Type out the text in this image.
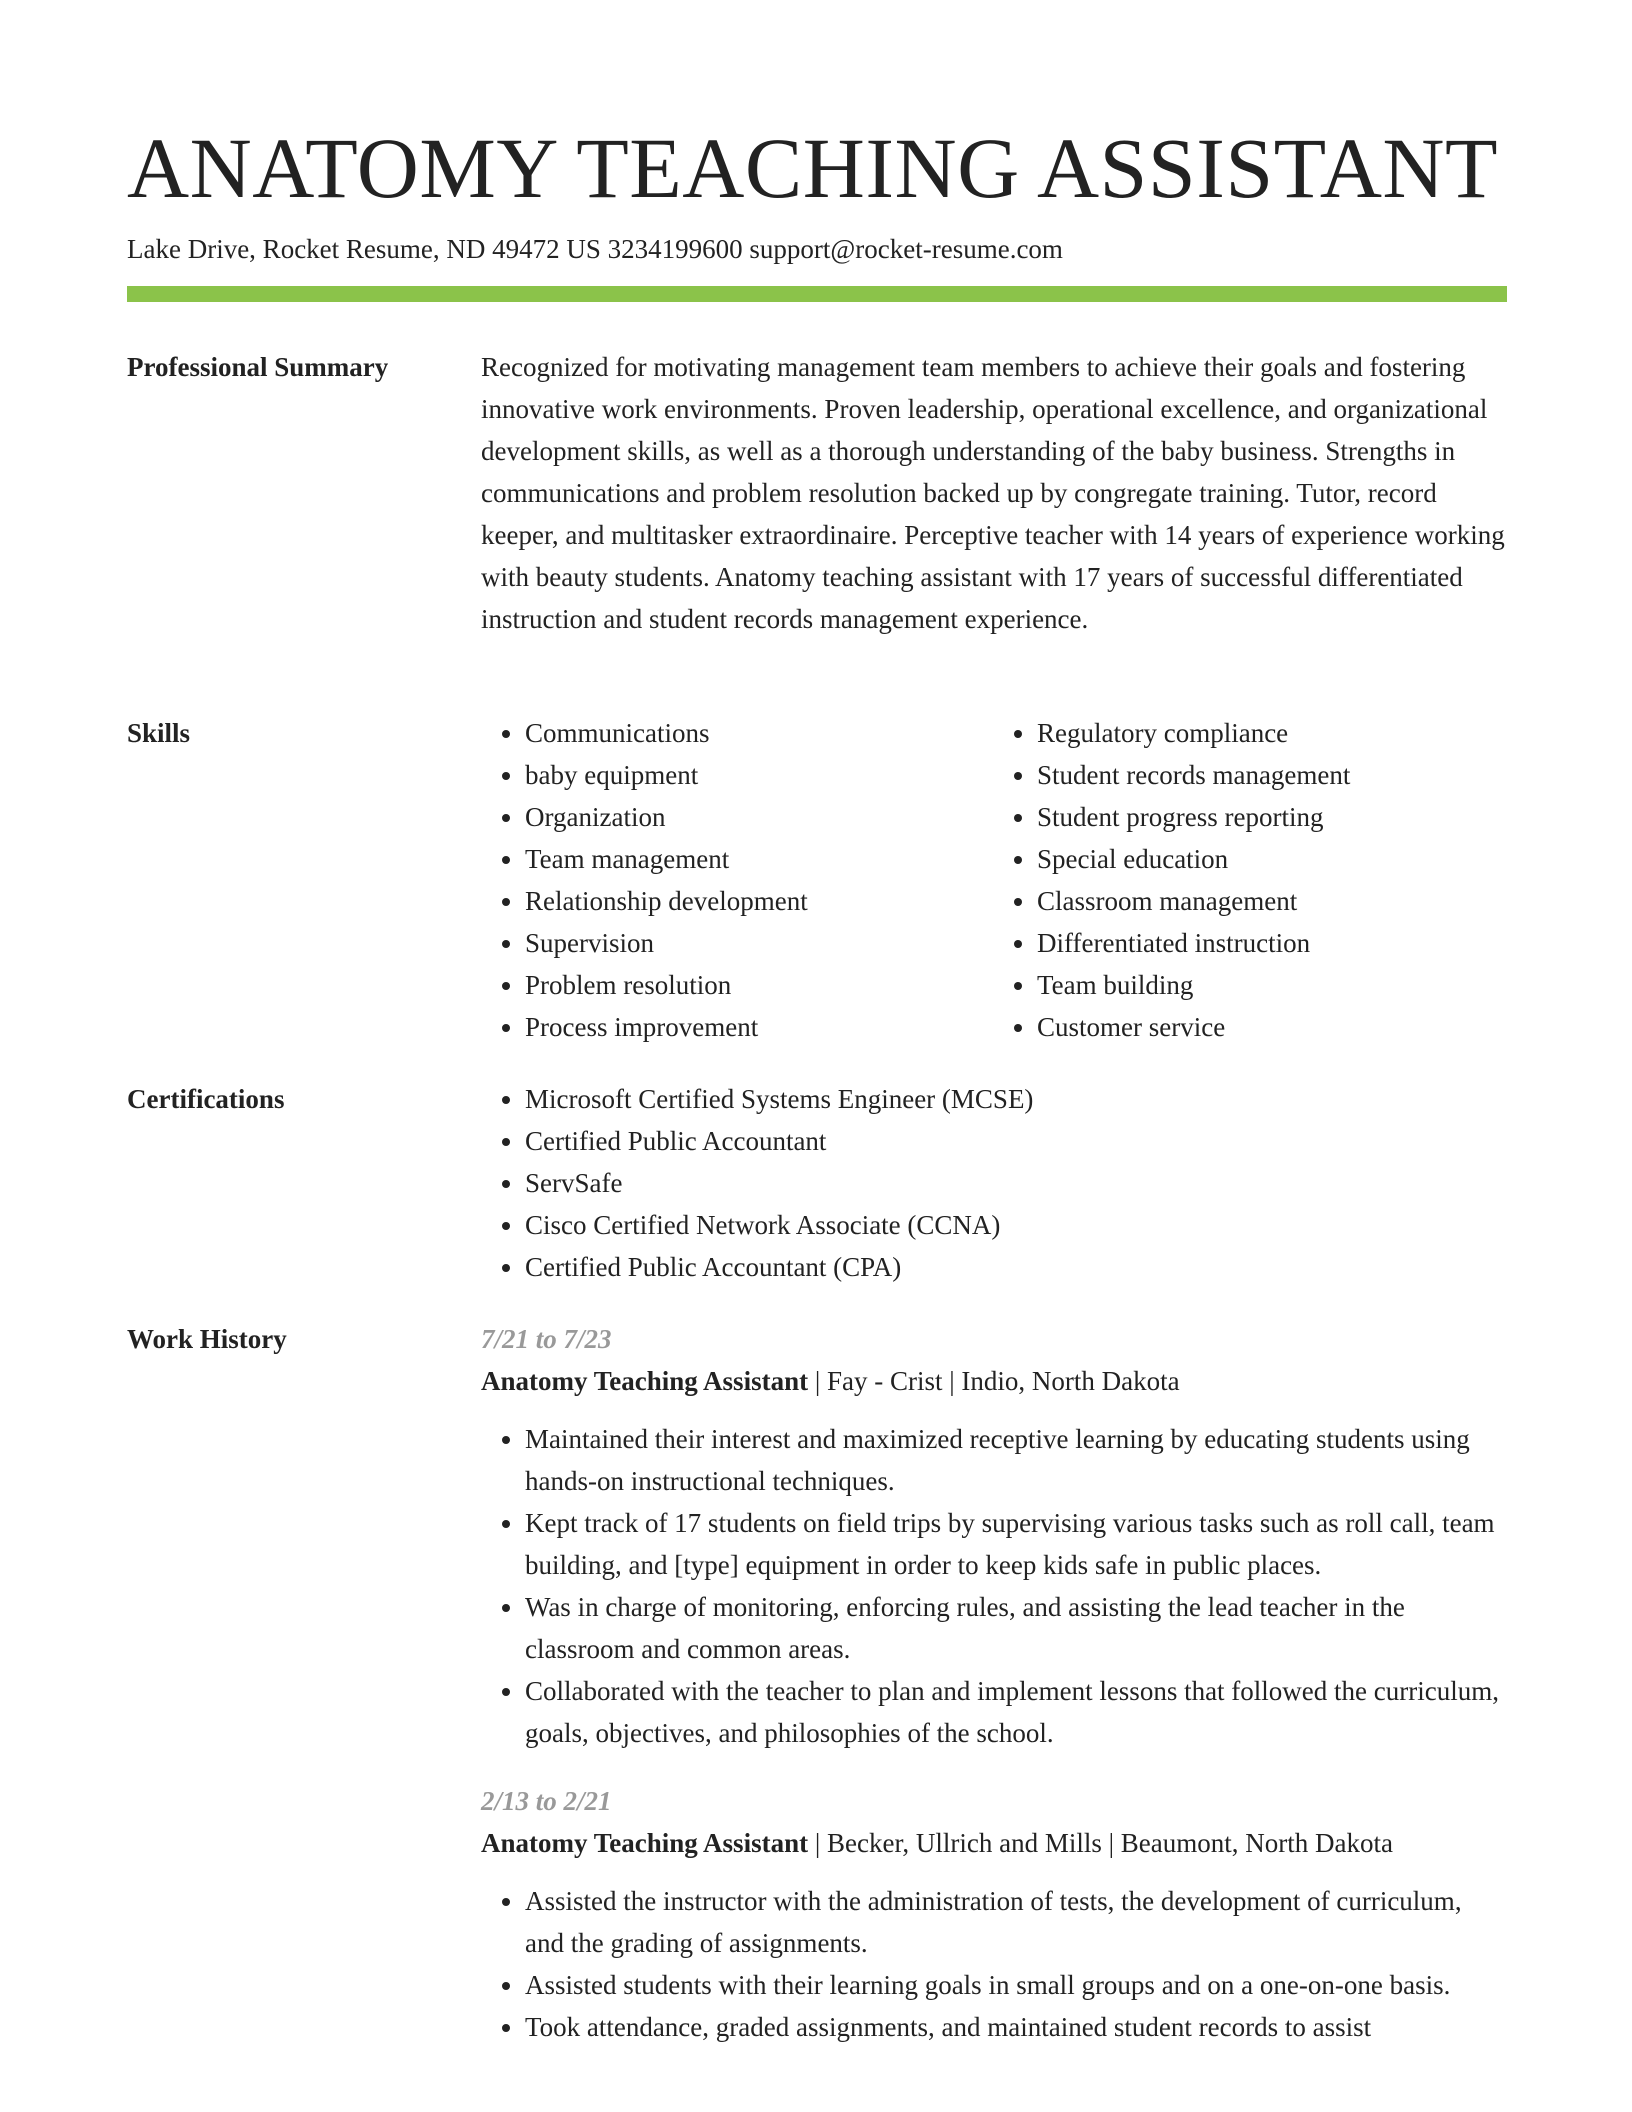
ANATOMY TEACHING ASSISTANT
Lake Drive, Rocket Resume, ND 49472 US 3234199600 support@rocket-resume.com
Professional Summary	Recognized for motivating management team members to achieve their goals and fostering innovative work environments. Proven leadership, operational excellence, and organizational development skills, as well as a thorough understanding of the baby business. Strengths in communications and problem resolution backed up by congregate training. Tutor, record keeper, and multitasker extraordinaire. Perceptive teacher with 14 years of experience working with beauty students. Anatomy teaching assistant with 17 years of successful differentiated instruction and student records management experience.

Skills	• Communications
• baby equipment
• Organization
• Team management
• Relationship development
• Supervision
• Problem resolution
• Process improvement
• Regulatory compliance
• Student records management
• Student progress reporting
• Special education
• Classroom management
• Differentiated instruction
• Team building
• Customer service
Certifications	• Microsoft Certified Systems Engineer (MCSE)
• Certified Public Accountant
• ServSafe
• Cisco Certified Network Associate (CCNA)
• Certified Public Accountant (CPA)
Work History	7/21 to 7/23
Anatomy Teaching Assistant | Fay - Crist | Indio, North Dakota
• Maintained their interest and maximized receptive learning by educating students using hands-on instructional techniques.
• Kept track of 17 students on field trips by supervising various tasks such as roll call, team building, and [type] equipment in order to keep kids safe in public places.
• Was in charge of monitoring, enforcing rules, and assisting the lead teacher in the classroom and common areas.
• Collaborated with the teacher to plan and implement lessons that followed the curriculum, goals, objectives, and philosophies of the school.
2/13 to 2/21
Anatomy Teaching Assistant | Becker, Ullrich and Mills | Beaumont, North Dakota
• Assisted the instructor with the administration of tests, the development of curriculum, and the grading of assignments.
• Assisted students with their learning goals in small groups and on a one-on-one basis.
• Took attendance, graded assignments, and maintained student records to assist
